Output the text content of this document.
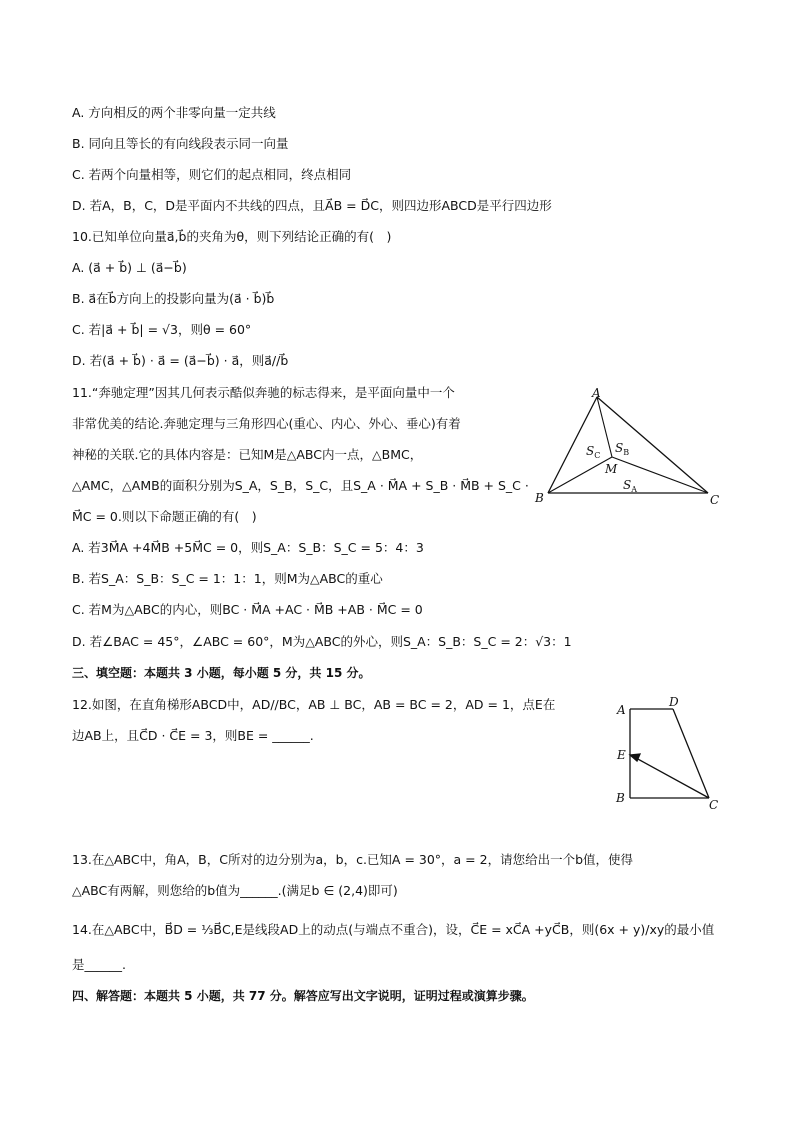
A. 方向相反的两个非零向量一定共线
B. 同向且等长的有向线段表示同一向量
C. 若两个向量相等，则它们的起点相同，终点相同
D. 若A，B，C，D是平面内不共线的四点，且A⃗B = D⃗C，则四边形ABCD是平行四边形
10.已知单位向量a⃗,b⃗的夹角为θ，则下列结论正确的有(　)
A. (a⃗ + b⃗) ⊥ (a⃗−b⃗)
B. a⃗在b⃗方向上的投影向量为(a⃗ · b⃗)b⃗
C. 若|a⃗ + b⃗| = √3，则θ = 60°
D. 若(a⃗ + b⃗) · a⃗ = (a⃗−b⃗) · a⃗，则a⃗//b⃗
11.“奔驰定理”因其几何表示酷似奔驰的标志得来，是平面向量中一个
非常优美的结论.奔驰定理与三角形四心(重心、内心、外心、垂心)有着
神秘的关联.它的具体内容是：已知M是△ABC内一点，△BMC，
△AMC，△AMB的面积分别为S_A，S_B，S_C，且S_A · M⃗A + S_B · M⃗B + S_C ·
M⃗C = 0.则以下命题正确的有(　)
A
B	C
M
$S_C$
$S_B$
$S_A$
A. 若3M⃗A +4M⃗B +5M⃗C = 0，则S_A：S_B：S_C = 5：4：3
B. 若S_A：S_B：S_C = 1：1：1，则M为△ABC的重心
C. 若M为△ABC的内心，则BC · M⃗A +AC · M⃗B +AB · M⃗C = 0
D. 若∠BAC = 45°，∠ABC = 60°，M为△ABC的外心，则S_A：S_B：S_C = 2：√3：1
三、填空题：本题共 3 小题，每小题 5 分，共 15 分。
12.如图，在直角梯形ABCD中，AD//BC，AB ⊥ BC，AB = BC = 2，AD = 1，点E在
边AB上，且C⃗D · C⃗E = 3，则BE = ______.
A
D
E
B	C
13.在△ABC中，角A，B，C所对的边分别为a，b，c.已知A = 30°，a = 2，请您给出一个b值，使得
△ABC有两解，则您给的b值为______.(满足b ∈ (2,4)即可)
14.在△ABC中，B⃗D = ⅓B⃗C,E是线段AD上的动点(与端点不重合)，设，C⃗E = xC⃗A +yC⃗B，则(6x + y)/xy的最小值
是______.
四、解答题：本题共 5 小题，共 77 分。解答应写出文字说明，证明过程或演算步骤。
